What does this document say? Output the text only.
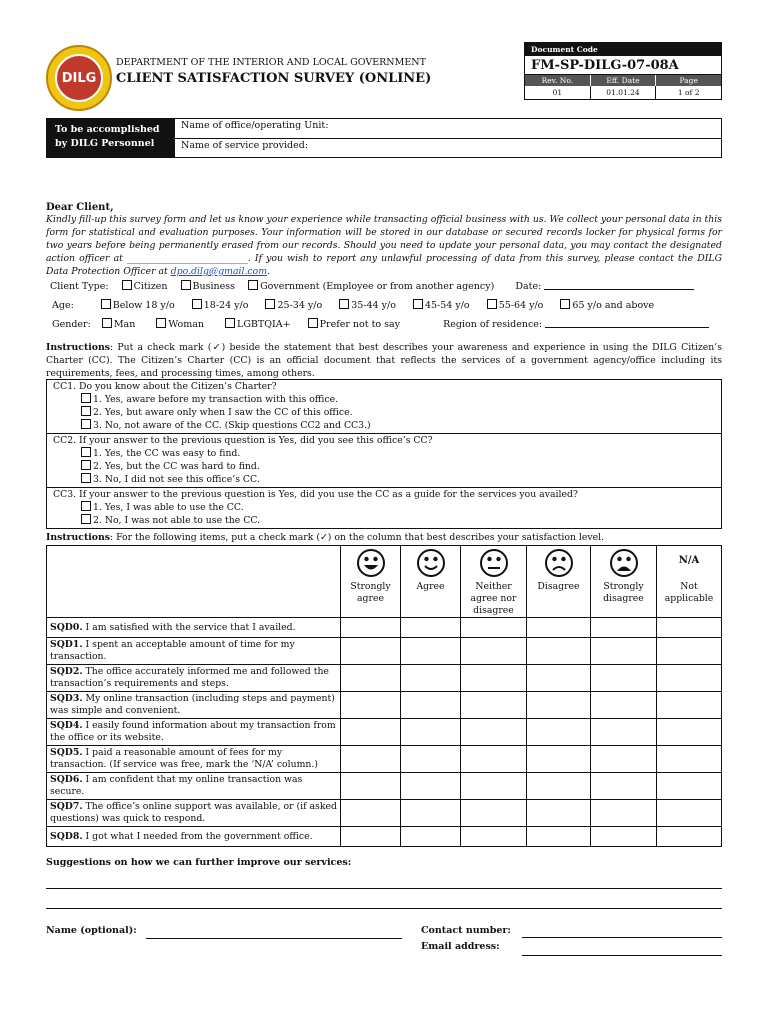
DILG
DEPARTMENT OF THE INTERIOR AND LOCAL GOVERNMENT
CLIENT SATISFACTION SURVEY (ONLINE)
Document Code
FM-SP-DILG-07-08A
Rev. No.	Eff. Date	Page
01	01.01.24	1 of 2
To be accomplished by DILG Personnel
Name of office/operating Unit:
Name of service provided:
Dear Client,
Kindly fill-up this survey form and let us know your experience while transacting official business with us. We collect your personal data in this form for statistical and evaluation purposes. Your information will be stored in our database or secured records locker for physical forms for two years before being permanently erased from our records. Should you need to update your personal data, you may contact the designated action officer at __________________________. If you wish to report any unlawful processing of data from this survey, please contact the DILG Data Protection Officer at dpo.dilg@gmail.com.
Client Type:	Citizen	Business	Government (Employee or from another agency) Date:
Age:	Below 18 y/o	18-24 y/o	25-34 y/o	35-44 y/o	45-54 y/o	55-64 y/o	65 y/o and above
Gender: Man	Woman	LGBTQIA+	Prefer not to say	Region of residence:
Instructions: Put a check mark (✓) beside the statement that best describes your awareness and experience in using the DILG Citizen’s Charter (CC). The Citizen’s Charter (CC) is an official document that reflects the services of a government agency/office including its requirements, fees, and processing times, among others.
CC1. Do you know about the Citizen’s Charter?
1. Yes, aware before my transaction with this office.
2. Yes, but aware only when I saw the CC of this office.
3. No, not aware of the CC. (Skip questions CC2 and CC3.)
CC2. If your answer to the previous question is Yes, did you see this office’s CC?
1. Yes, the CC was easy to find.
2. Yes, but the CC was hard to find.
3. No, I did not see this office’s CC.
CC3. If your answer to the previous question is Yes, did you use the CC as a guide for the services you availed?
1. Yes, I was able to use the CC.
2. No, I was not able to use the CC.
Instructions: For the following items, put a check mark (✓) on the column that best describes your satisfaction level.

	Strongly agree	Agree	Neither agree nor disagree	Disagree	Strongly disagree	N/A
Not applicable

SQD0. I am satisfied with the service that I availed.						
SQD1. I spent an acceptable amount of time for my transaction.						
SQD2. The office accurately informed me and followed the transaction’s requirements and steps.						
SQD3. My online transaction (including steps and payment) was simple and convenient.						
SQD4. I easily found information about my transaction from the office or its website.						
SQD5. I paid a reasonable amount of fees for my transaction. (If service was free, mark the ‘N/A’ column.)						
SQD6. I am confident that my online transaction was secure.						
SQD7. The office’s online support was available, or (if asked questions) was quick to respond.						
SQD8. I got what I needed from the government office.						
Suggestions on how we can further improve our services:
Name (optional):	Contact number:
Email address:
